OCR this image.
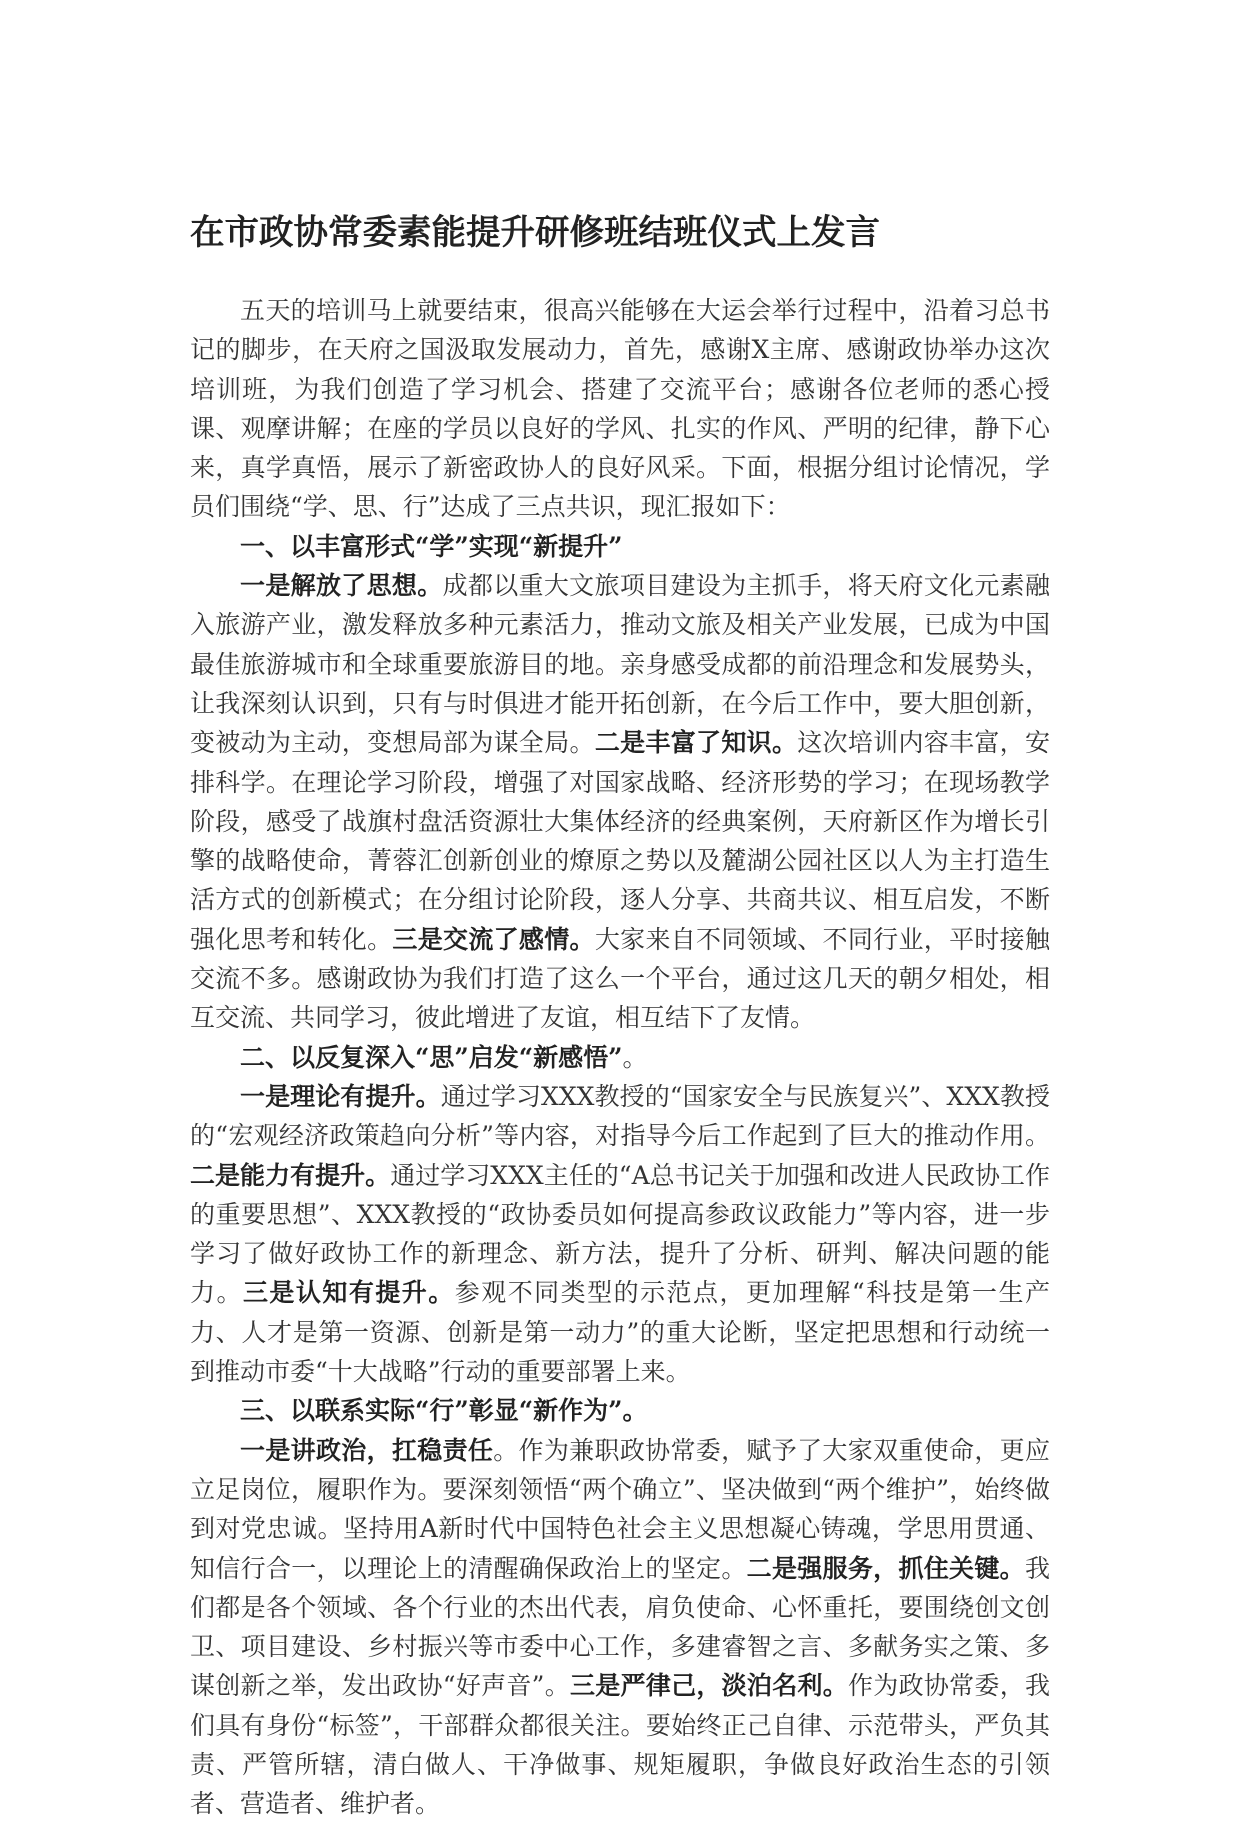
在市政协常委素能提升研修班结班仪式上发言

五天的培训马上就要结束，很高兴能够在大运会举行过程中，沿着习总书记的脚步，在天府之国汲取发展动力，首先，感谢X主席、感谢政协举办这次培训班，为我们创造了学习机会、搭建了交流平台；感谢各位老师的悉心授课、观摩讲解；在座的学员以良好的学风、扎实的作风、严明的纪律，静下心来，真学真悟，展示了新密政协人的良好风采。下面，根据分组讨论情况，学员们围绕“学、思、行”达成了三点共识，现汇报如下：

一、以丰富形式“学”实现“新提升”

一是解放了思想。成都以重大文旅项目建设为主抓手，将天府文化元素融入旅游产业，激发释放多种元素活力，推动文旅及相关产业发展，已成为中国最佳旅游城市和全球重要旅游目的地。亲身感受成都的前沿理念和发展势头，让我深刻认识到，只有与时俱进才能开拓创新，在今后工作中，要大胆创新，变被动为主动，变想局部为谋全局。二是丰富了知识。这次培训内容丰富，安排科学。在理论学习阶段，增强了对国家战略、经济形势的学习；在现场教学阶段，感受了战旗村盘活资源壮大集体经济的经典案例，天府新区作为增长引擎的战略使命，菁蓉汇创新创业的燎原之势以及麓湖公园社区以人为主打造生活方式的创新模式；在分组讨论阶段，逐人分享、共商共议、相互启发，不断强化思考和转化。三是交流了感情。大家来自不同领域、不同行业，平时接触交流不多。感谢政协为我们打造了这么一个平台，通过这几天的朝夕相处，相互交流、共同学习，彼此增进了友谊，相互结下了友情。

二、以反复深入“思”启发“新感悟”。

一是理论有提升。通过学习XXX教授的“国家安全与民族复兴”、XXX教授的“宏观经济政策趋向分析”等内容，对指导今后工作起到了巨大的推动作用。二是能力有提升。通过学习XXX主任的“A总书记关于加强和改进人民政协工作的重要思想”、XXX教授的“政协委员如何提高参政议政能力”等内容，进一步学习了做好政协工作的新理念、新方法，提升了分析、研判、解决问题的能力。三是认知有提升。参观不同类型的示范点，更加理解“科技是第一生产力、人才是第一资源、创新是第一动力”的重大论断，坚定把思想和行动统一到推动市委“十大战略”行动的重要部署上来。

三、以联系实际“行”彰显“新作为”。

一是讲政治，扛稳责任。作为兼职政协常委，赋予了大家双重使命，更应立足岗位，履职作为。要深刻领悟“两个确立”、坚决做到“两个维护”，始终做到对党忠诚。坚持用A新时代中国特色社会主义思想凝心铸魂，学思用贯通、知信行合一，以理论上的清醒确保政治上的坚定。二是强服务，抓住关键。我们都是各个领域、各个行业的杰出代表，肩负使命、心怀重托，要围绕创文创卫、项目建设、乡村振兴等市委中心工作，多建睿智之言、多献务实之策、多谋创新之举，发出政协“好声音”。三是严律己，淡泊名利。作为政协常委，我们具有身份“标签”，干部群众都很关注。要始终正己自律、示范带头，严负其责、严管所辖，清白做人、干净做事、规矩履职，争做良好政治生态的引领者、营造者、维护者。
